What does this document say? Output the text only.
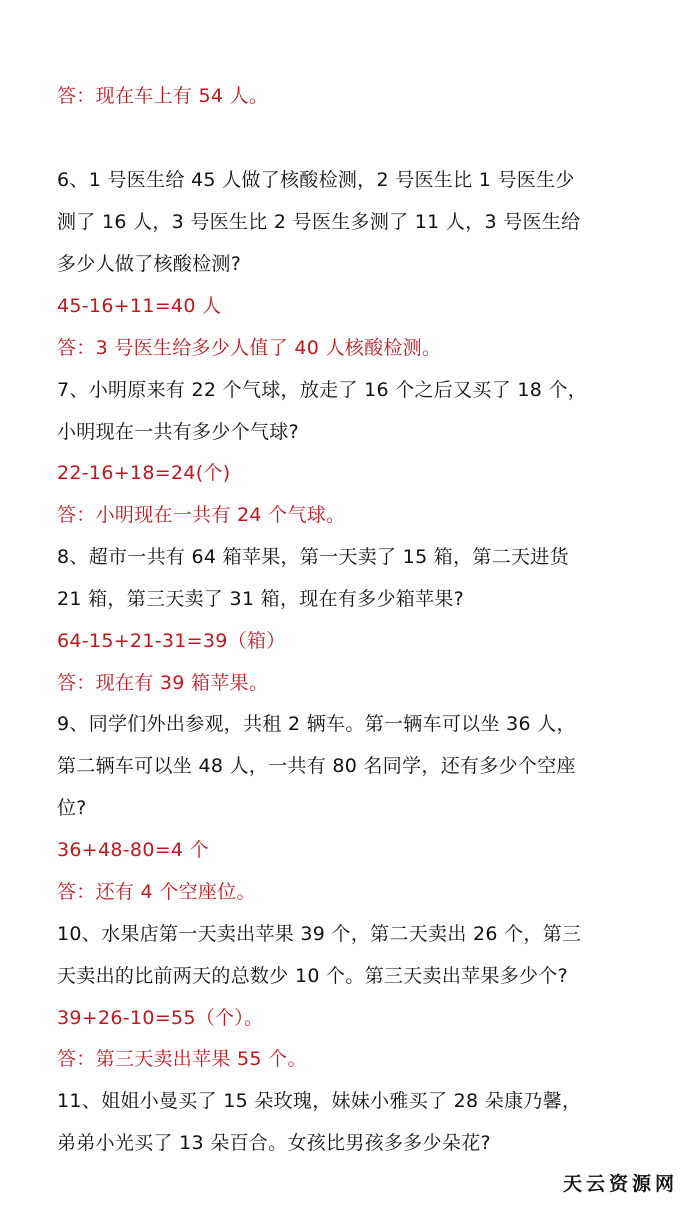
答：现在车上有 54 人。
6、1 号医生给 45 人做了核酸检测，2 号医生比 1 号医生少
测了 16 人，3 号医生比 2 号医生多测了 11 人，3 号医生给
多少人做了核酸检测?
45-16+11=40 人
答：3 号医生给多少人值了 40 人核酸检测。
7、小明原来有 22 个气球，放走了 16 个之后又买了 18 个，
小明现在一共有多少个气球?
22-16+18=24(个)
答：小明现在一共有 24 个气球。
8、超市一共有 64 箱苹果，第一天卖了 15 箱，第二天进货
21 箱，第三天卖了 31 箱，现在有多少箱苹果?
64-15+21-31=39（箱）
答：现在有 39 箱苹果。
9、同学们外出参观，共租 2 辆车。第一辆车可以坐 36 人，
第二辆车可以坐 48 人，一共有 80 名同学，还有多少个空座
位?
36+48-80=4 个
答：还有 4 个空座位。
10、水果店第一天卖出苹果 39 个，第二天卖出 26 个，第三
天卖出的比前两天的总数少 10 个。第三天卖出苹果多少个?
39+26-10=55（个）。
答：第三天卖出苹果 55 个。
11、姐姐小曼买了 15 朵玫瑰，妹妹小雅买了 28 朵康乃馨，
弟弟小光买了 13 朵百合。女孩比男孩多多少朵花?
天云资源网
